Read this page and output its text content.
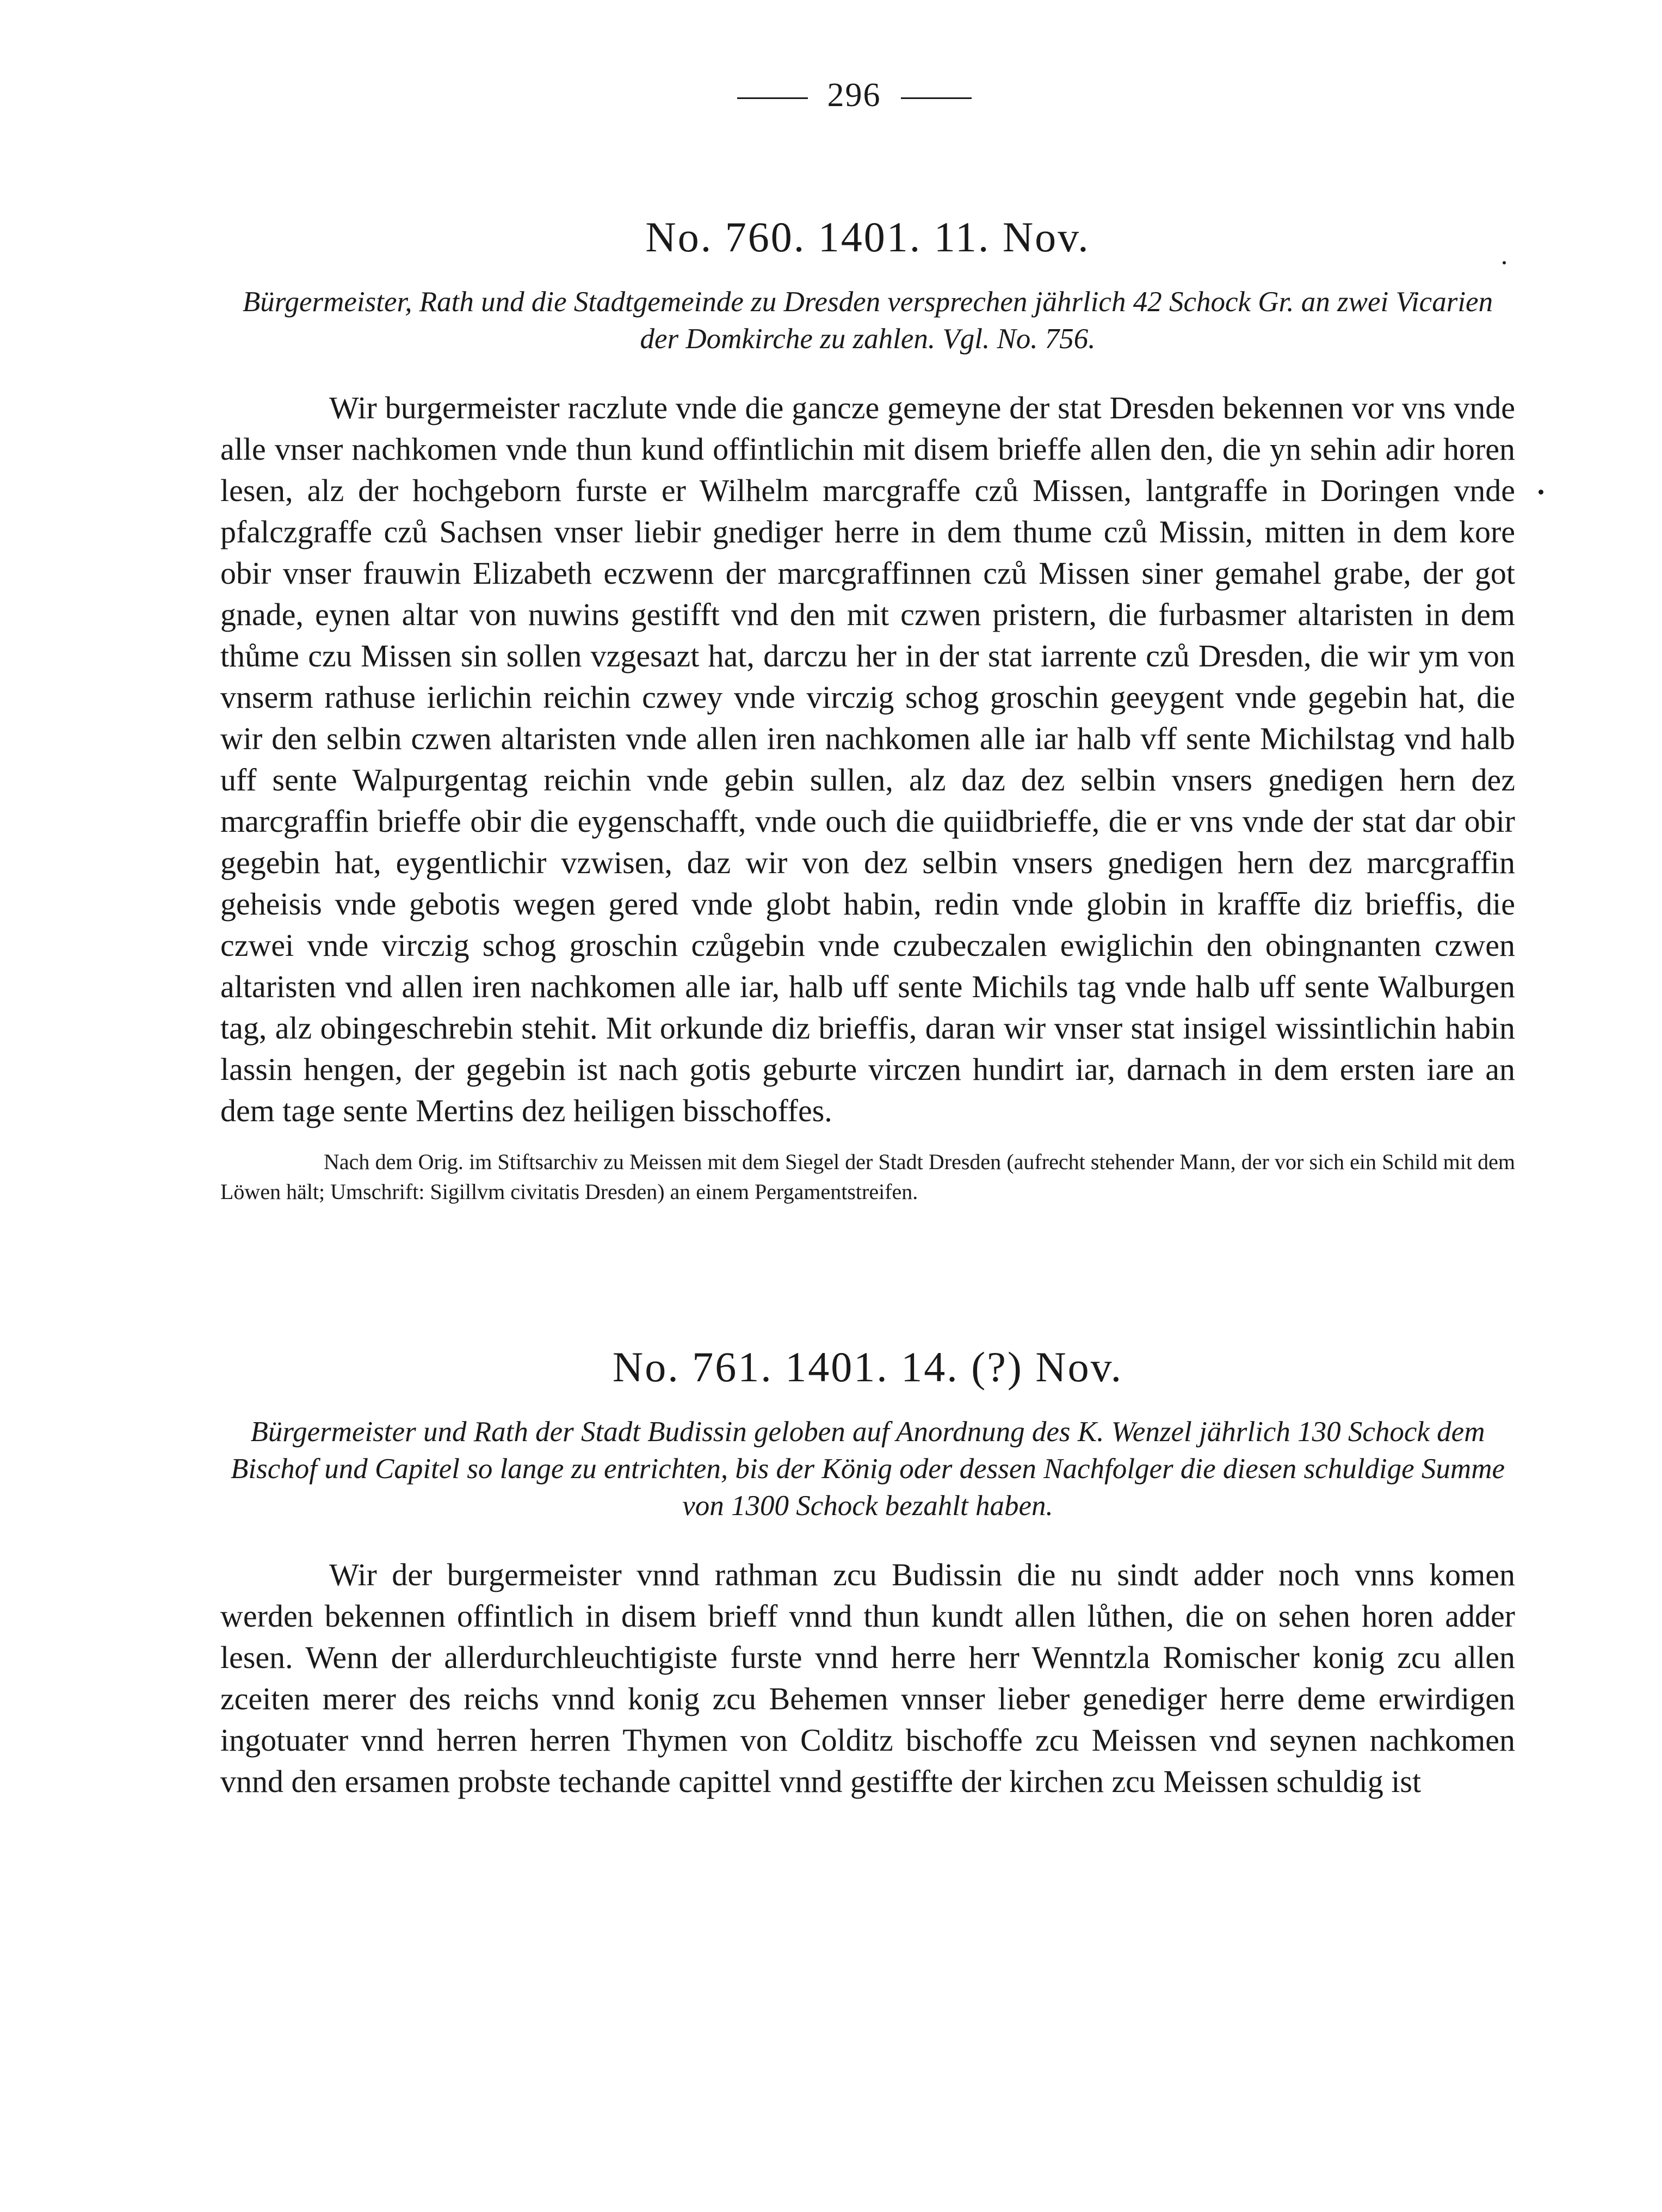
296
No. 760. 1401. 11. Nov.

Bürgermeister, Rath und die Stadtgemeinde zu Dresden versprechen jährlich 42 Schock Gr. an zwei Vicarien der Domkirche zu zahlen. Vgl. No. 756.

Wir burgermeister raczlute vnde die gancze gemeyne der stat Dresden bekennen vor vns vnde alle vnser nachkomen vnde thun kund offintlichin mit disem brieffe allen den, die yn sehin adir horen lesen, alz der hochgeborn furste er Wilhelm marcgraffe czů Missen, lantgraffe in Doringen vnde pfalczgraffe czů Sachsen vnser liebir gnediger herre in dem thume czů Missin, mitten in dem kore obir vnser frauwin Elizabeth eczwenn der marcgraffinnen czů Missen siner gemahel grabe, der got gnade, eynen altar von nuwins gestifft vnd den mit czwen pristern, die furbasmer altaristen in dem thůme czu Missen sin sollen vzgesazt hat, darczu her in der stat iarrente czů Dresden, die wir ym von vnserm rathuse ierlichin reichin czwey vnde virczig schog groschin geeygent vnde gegebin hat, die wir den selbin czwen altaristen vnde allen iren nachkomen alle iar halb vff sente Michilstag vnd halb uff sente Walpurgentag reichin vnde gebin sullen, alz daz dez selbin vnsers gnedigen hern dez marcgraffin brieffe obir die eygenschafft, vnde ouch die quiidbrieffe, die er vns vnde der stat dar obir gegebin hat, eygentlichir vzwisen, daz wir von dez selbin vnsers gnedigen hern dez marcgraffin geheisis vnde gebotis wegen gered vnde globt habin, redin vnde globin in krafft̄e diz brieffis, die czwei vnde virczig schog groschin czůgebin vnde czubeczalen ewiglichin den obingnanten czwen altaristen vnd allen iren nachkomen alle iar, halb uff sente Michils tag vnde halb uff sente Walburgen tag, alz obingeschrebin stehit. Mit orkunde diz brieffis, daran wir vnser stat insigel wissintlichin habin lassin hengen, der gegebin ist nach gotis geburte virczen hundirt iar, darnach in dem ersten iare an dem tage sente Mertins dez heiligen bisschoffes.

Nach dem Orig. im Stiftsarchiv zu Meissen mit dem Siegel der Stadt Dresden (aufrecht stehender Mann, der vor sich ein Schild mit dem Löwen hält; Umschrift: Sigillvm civitatis Dresden) an einem Pergamentstreifen.

No. 761. 1401. 14. (?) Nov.

Bürgermeister und Rath der Stadt Budissin geloben auf Anordnung des K. Wenzel jährlich 130 Schock dem Bischof und Capitel so lange zu entrichten, bis der König oder dessen Nachfolger die diesen schuldige Summe von 1300 Schock bezahlt haben.

Wir der burgermeister vnnd rathman zcu Budissin die nu sindt adder noch vnns komen werden bekennen offintlich in disem brieff vnnd thun kundt allen lůthen, die on sehen horen adder lesen. Wenn der allerdurchleuchtigiste furste vnnd herre herr Wenntzla Romischer konig zcu allen zceiten merer des reichs vnnd konig zcu Behemen vnnser lieber genediger herre deme erwirdigen ingotuater vnnd herren herren Thymen von Colditz bischoffe zcu Meissen vnd seynen nachkomen vnnd den ersamen probste techande capittel vnnd gestiffte der kirchen zcu Meissen schuldig ist
